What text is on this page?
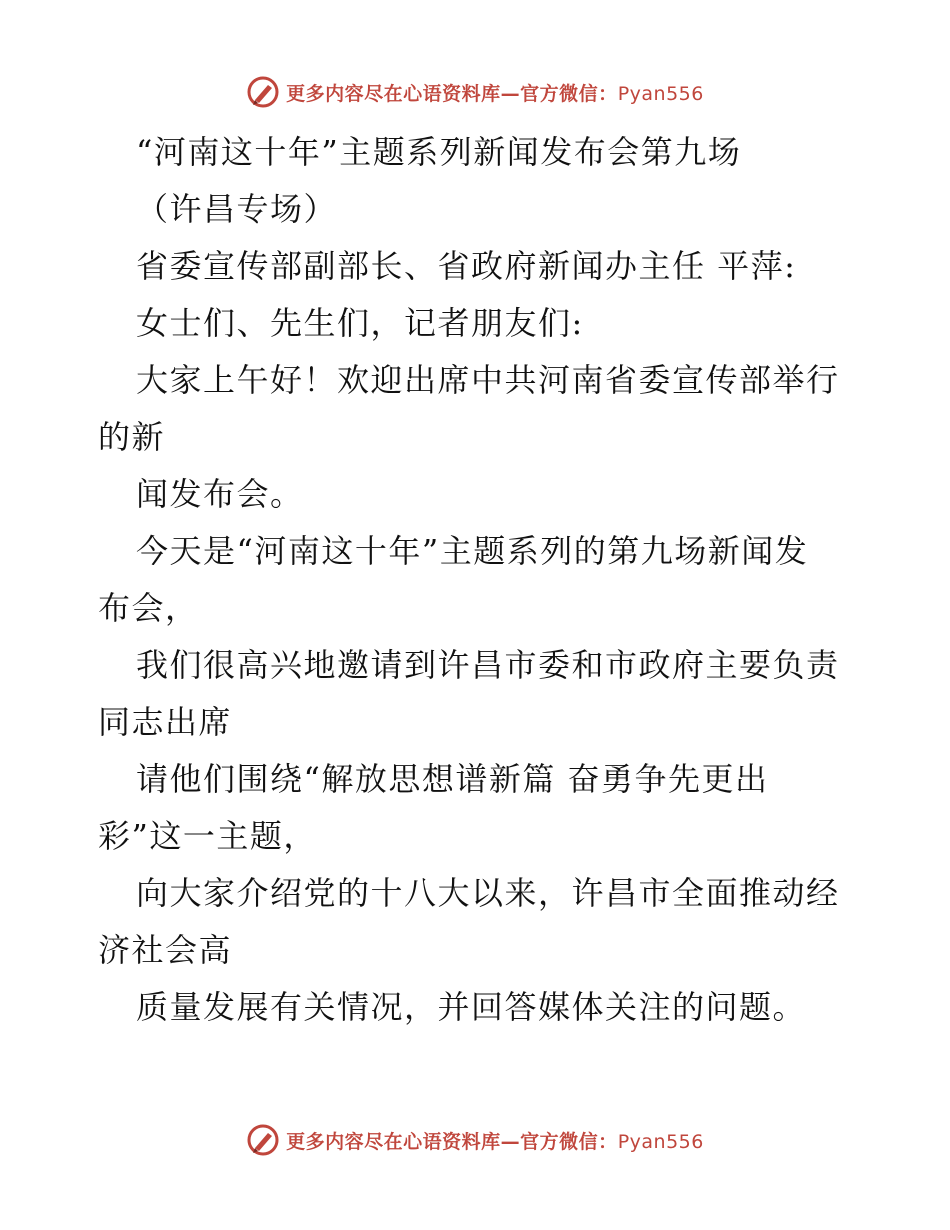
更多内容尽在心语资料库—官方微信：Pyan556
“河南这十年”主题系列新闻发布会第九场
（许昌专场）
省委宣传部副部长、省政府新闻办主任 平萍:
女士们、先生们，记者朋友们:
大家上午好！欢迎出席中共河南省委宣传部举行
的新
闻发布会。
今天是“河南这十年”主题系列的第九场新闻发
布会，
我们很高兴地邀请到许昌市委和市政府主要负责
同志出席
请他们围绕“解放思想谱新篇 奋勇争先更出
彩”这一主题，
向大家介绍党的十八大以来，许昌市全面推动经
济社会高
质量发展有关情况，并回答媒体关注的问题。
更多内容尽在心语资料库—官方微信：Pyan556
